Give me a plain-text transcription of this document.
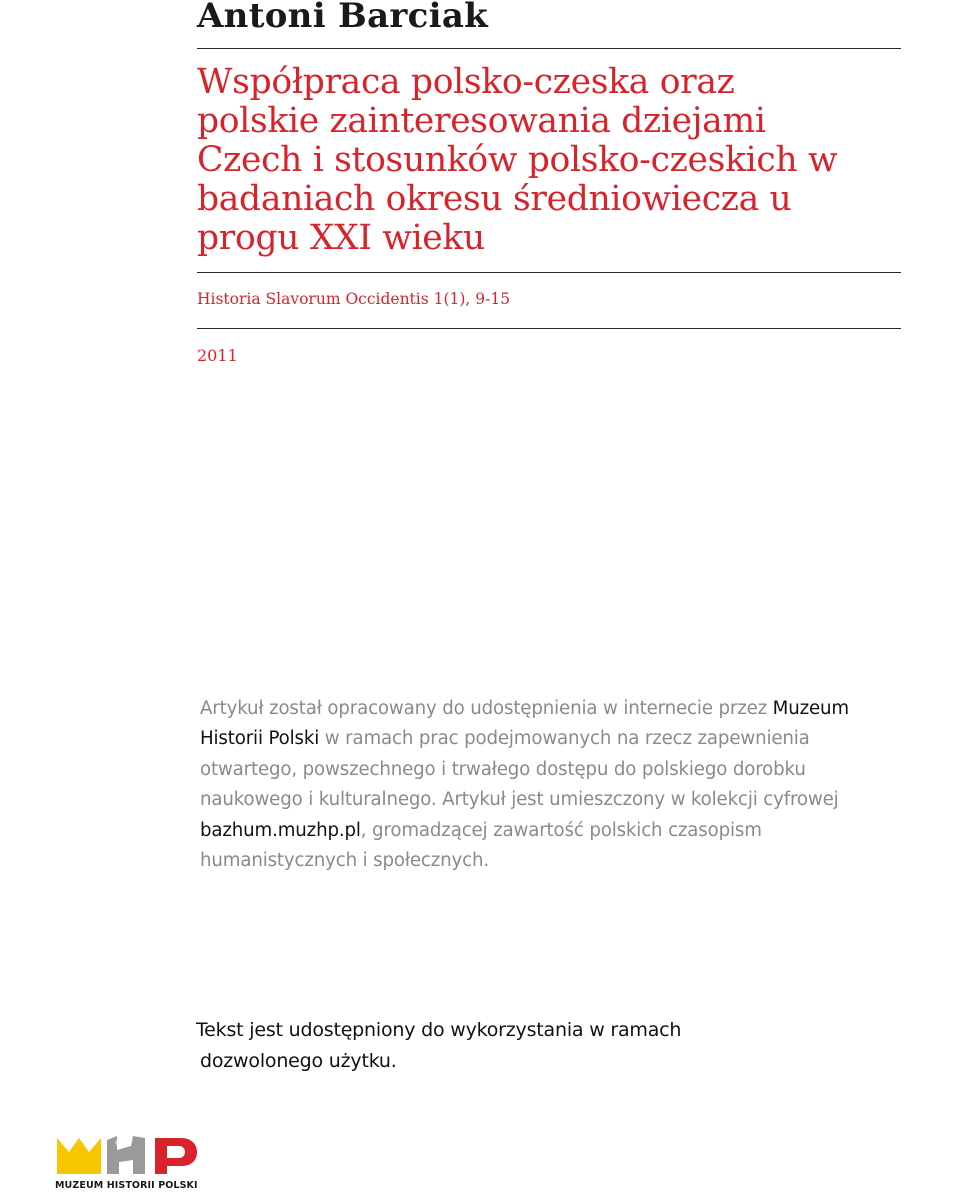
Antoni Barciak
Współpraca polsko-czeska oraz
polskie zainteresowania dziejami
Czech i stosunków polsko-czeskich w
badaniach okresu średniowiecza u
progu XXI wieku

Historia Slavorum Occidentis 1(1), 9-15

2011

Artykuł został opracowany do udostępnienia w internecie przez Muzeum Historii Polski w ramach prac podejmowanych na rzecz zapewnienia otwartego, powszechnego i trwałego dostępu do polskiego dorobku naukowego i kulturalnego. Artykuł jest umieszczony w kolekcji cyfrowej bazhum.muzhp.pl, gromadzącej zawartość polskich czasopism humanistycznych i społecznych.

Tekst jest udostępniony do wykorzystania w ramach
dozwolonego użytku.

MUZEUM HISTORII POLSKI
